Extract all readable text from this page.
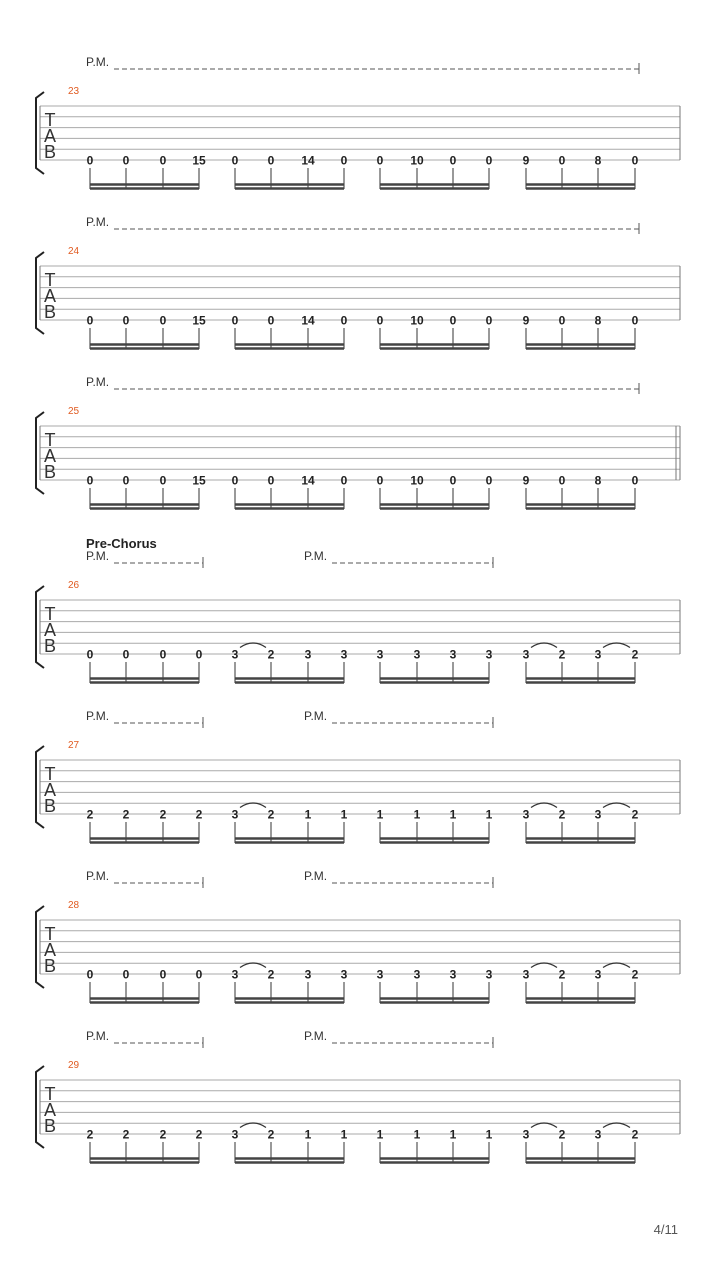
P.M.
23
T
A
B	0 0	0 15 0 0 14 0 0 10 0 0	9 0 8	0
P.M.
24
T
A
B	0 0	0 15 0 0 14 0 0 10 0 0	9 0 8	0
P.M.
25
T
A
B	0 0	0 15 0 0 14 0 0 10 0 0	9 0 8	0
Pre-Chorus
P.M.	P.M.
26
T
A
B	0 0	0 0 3 2	3 3 3	3 3 3	3 2 3	2
P.M.	P.M.
27
T
A
B	2 2	2 2 3 2	1 1 1	1 1 1	3 2 3	2
P.M.	P.M.
28
T
A
B	0 0	0 0 3 2	3 3 3	3 3 3	3 2 3	2
P.M.	P.M.
29
T
A
B	2 2	2 2 3 2	1 1 1	1 1 1	3 2 3	2
4/11
